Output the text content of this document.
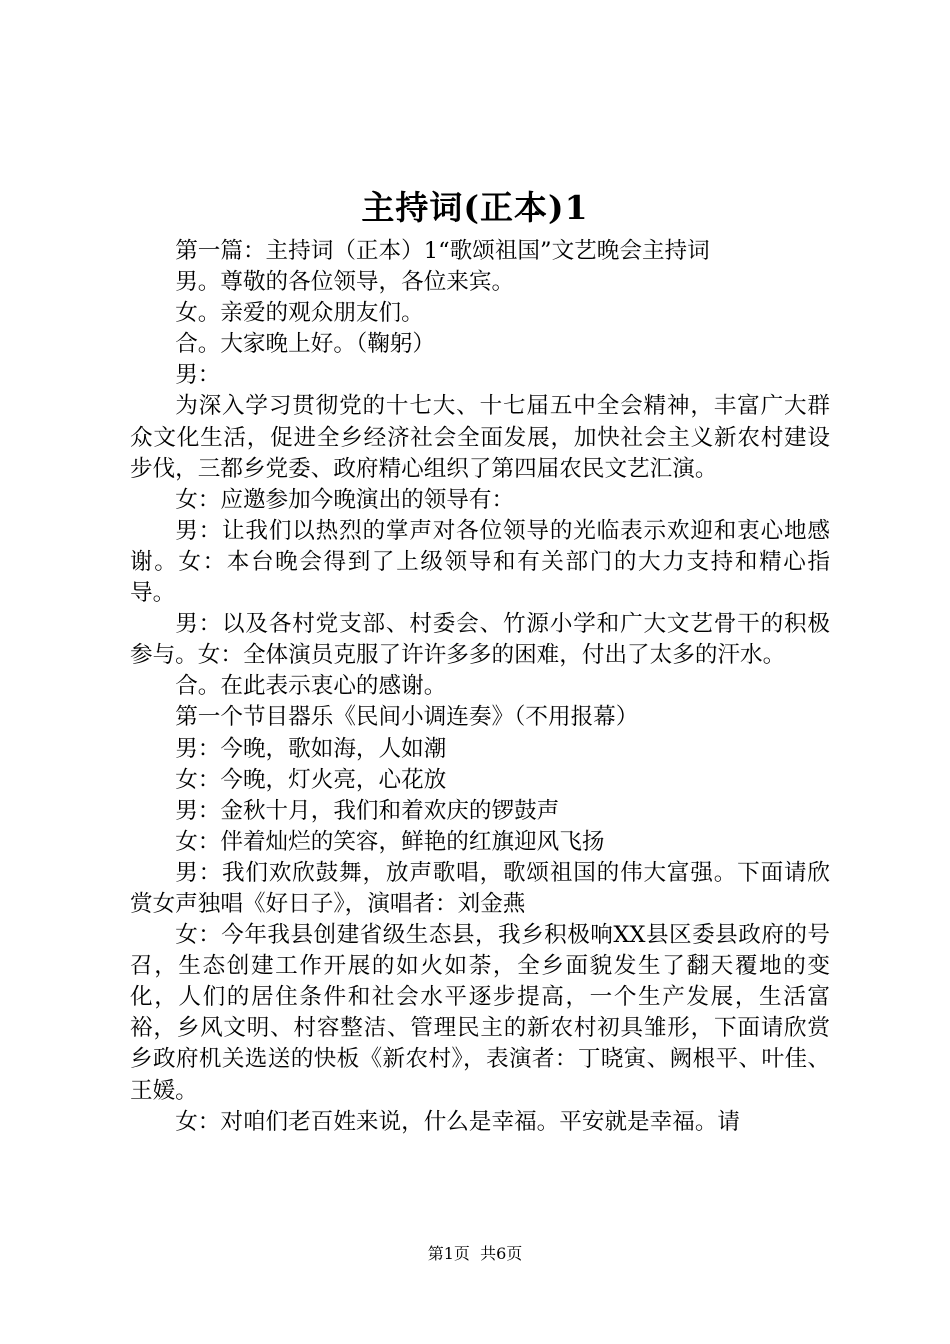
主持词(正本)1

第一篇：主持词（正本）1“歌颂祖国”文艺晚会主持词

男。尊敬的各位领导，各位来宾。

女。亲爱的观众朋友们。

合。大家晚上好。（鞠躬）

男：

为深入学习贯彻党的十七大、十七届五中全会精神，丰富广大群众文化生活，促进全乡经济社会全面发展，加快社会主义新农村建设步伐，三都乡党委、政府精心组织了第四届农民文艺汇演。

女：应邀参加今晚演出的领导有：

男：让我们以热烈的掌声对各位领导的光临表示欢迎和衷心地感谢。女：本台晚会得到了上级领导和有关部门的大力支持和精心指导。

男：以及各村党支部、村委会、竹源小学和广大文艺骨干的积极参与。女：全体演员克服了许许多多的困难，付出了太多的汗水。

合。在此表示衷心的感谢。

第一个节目器乐《民间小调连奏》（不用报幕）

男：今晚，歌如海，人如潮

女：今晚，灯火亮，心花放

男：金秋十月，我们和着欢庆的锣鼓声

女：伴着灿烂的笑容，鲜艳的红旗迎风飞扬

男：我们欢欣鼓舞，放声歌唱，歌颂祖国的伟大富强。下面请欣赏女声独唱《好日子》，演唱者：刘金燕

女：今年我县创建省级生态县，我乡积极响XX县区委县政府的号召，生态创建工作开展的如火如荼，全乡面貌发生了翻天覆地的变化，人们的居住条件和社会水平逐步提高，一个生产发展，生活富裕，乡风文明、村容整洁、管理民主的新农村初具雏形，下面请欣赏乡政府机关选送的快板《新农村》，表演者：丁晓寅、阙根平、叶佳、王媛。

女：对咱们老百姓来说，什么是幸福。平安就是幸福。请

第1页 共6页
